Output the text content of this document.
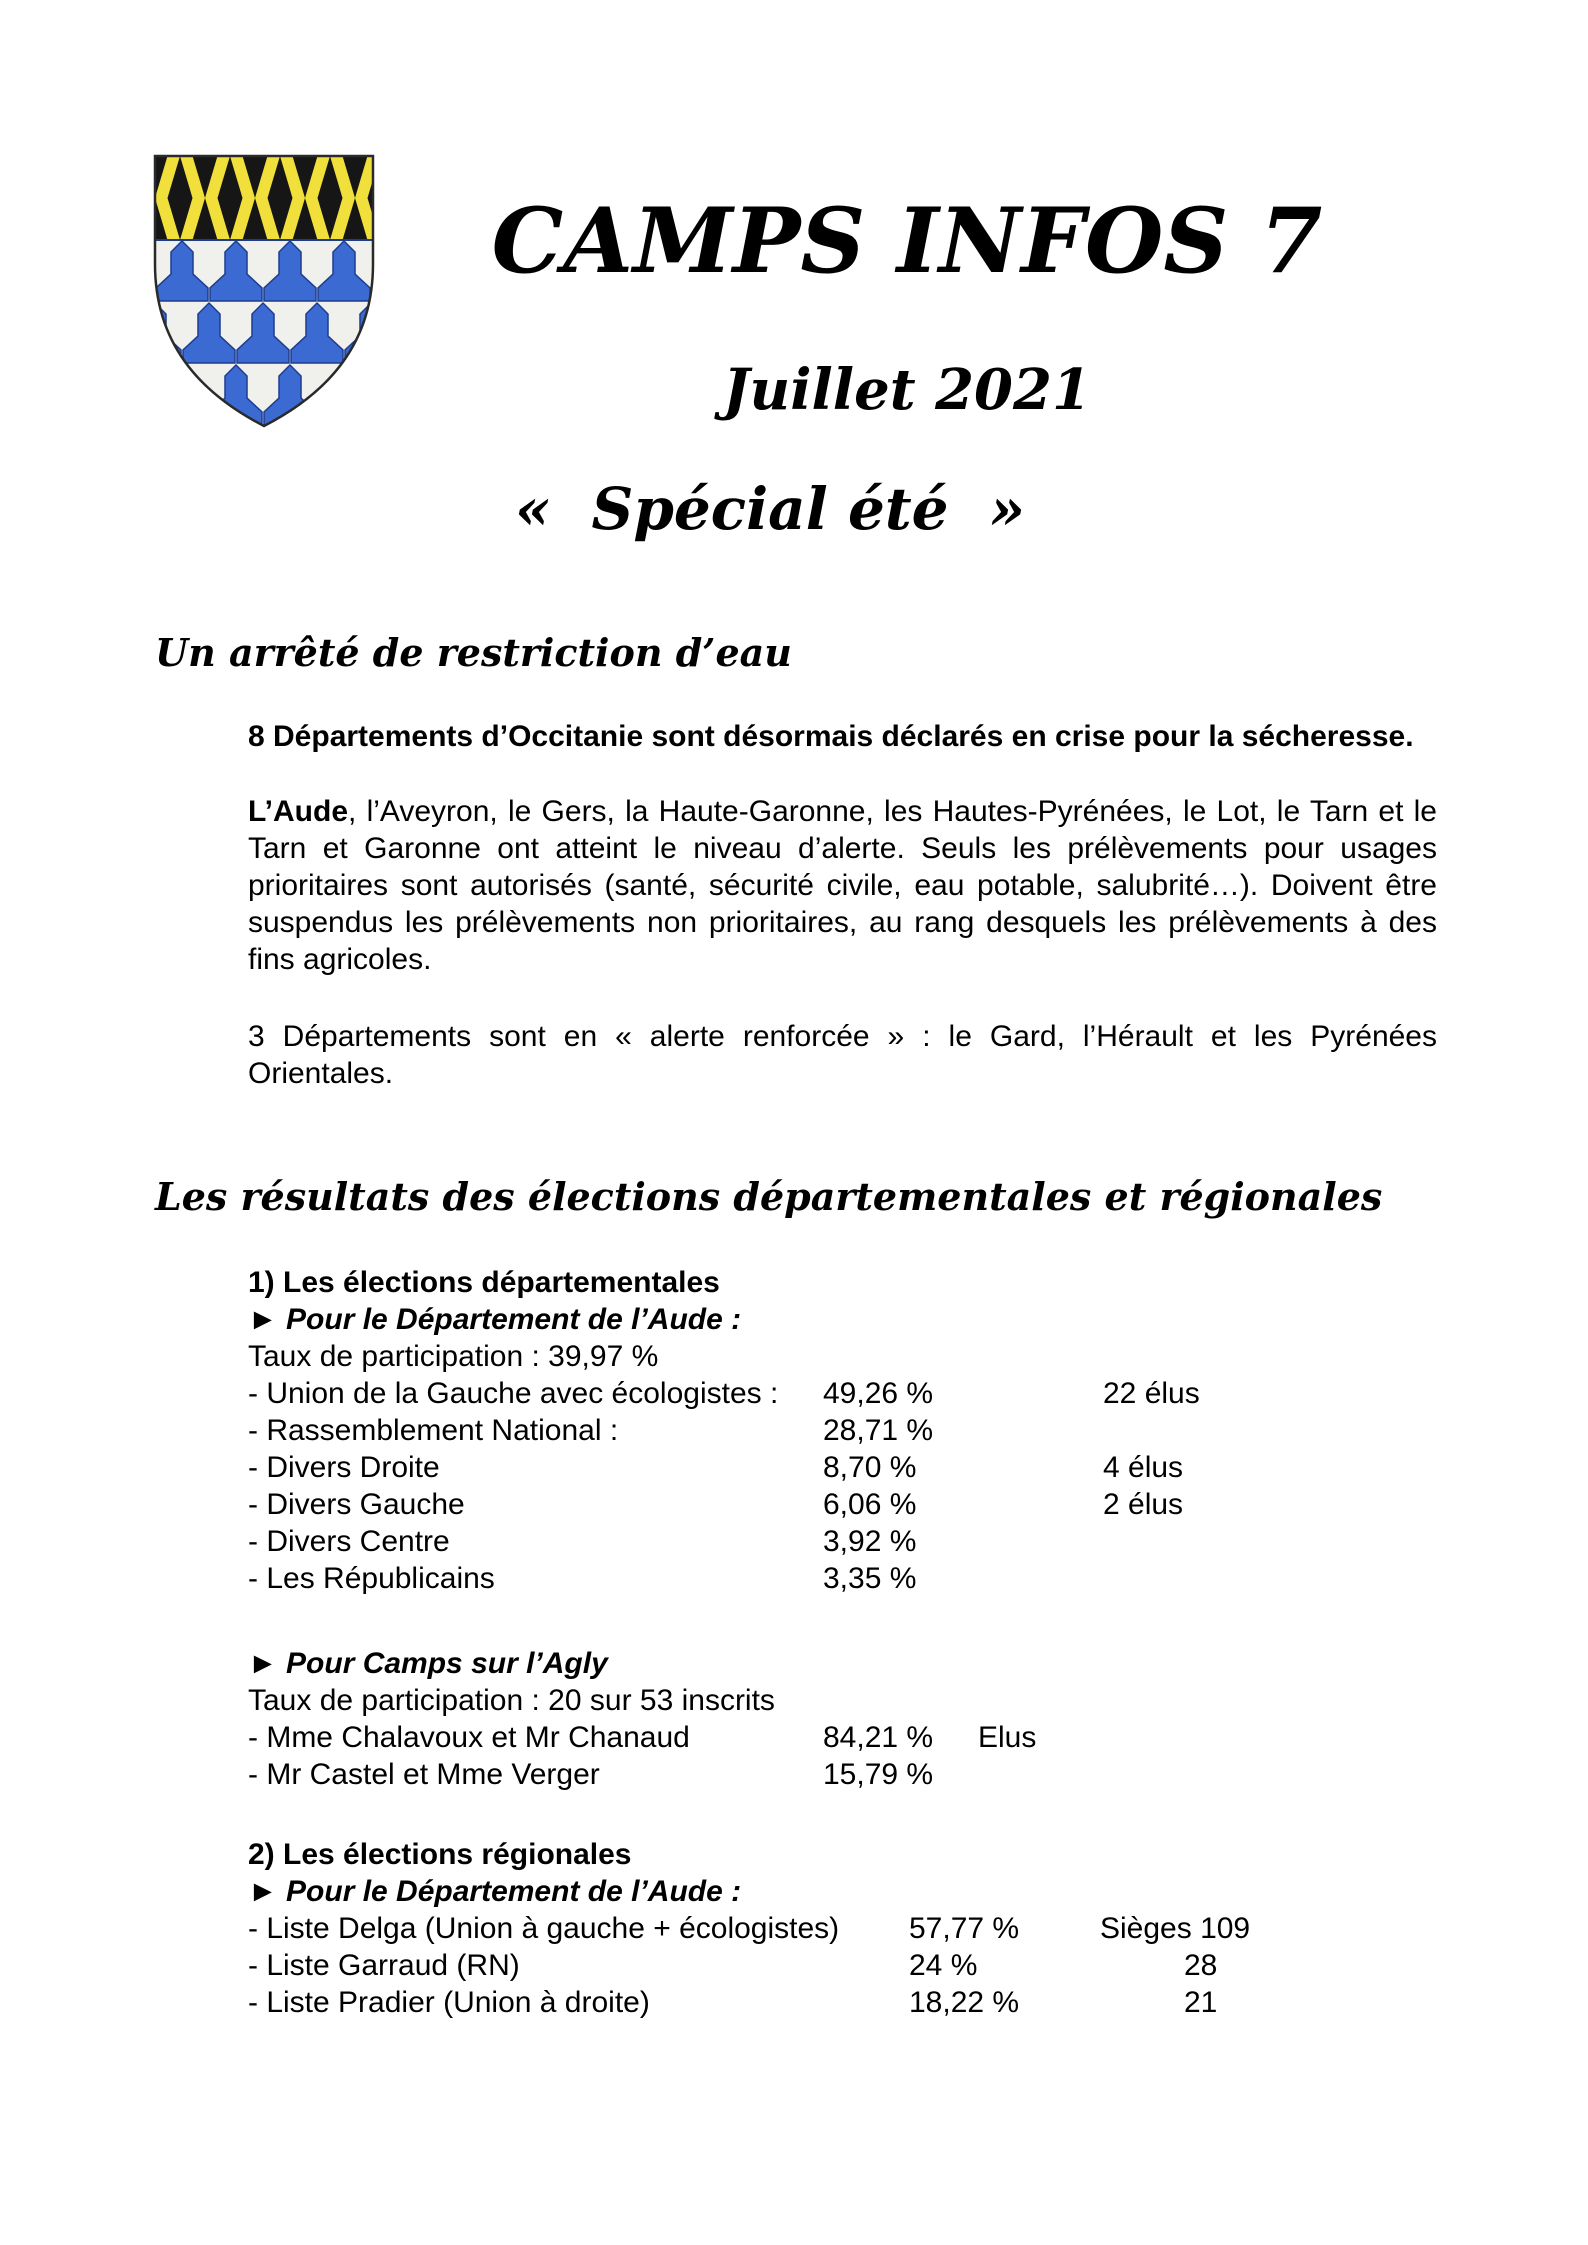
CAMPS INFOS 7
Juillet 2021
«  Spécial été  »
Un arrêté de restriction d’eau

8 Départements d’Occitanie sont désormais déclarés en crise pour la sécheresse.

L’Aude, l’Aveyron, le Gers, la Haute-Garonne, les Hautes-Pyrénées, le Lot, le Tarn et le Tarn et Garonne ont atteint le niveau d’alerte. Seuls les prélèvements pour usages prioritaires sont autorisés (santé, sécurité civile, eau potable, salubrité…). Doivent être suspendus les prélèvements non prioritaires, au rang desquels les prélèvements à des fins agricoles.

3 Départements sont en « alerte renforcée » : le Gard, l’Hérault et les Pyrénées Orientales.

Les résultats des élections départementales et régionales
1) Les élections départementales
► Pour le Département de l’Aude :
Taux de participation : 39,97 %
- Union de la Gauche avec écologistes :	49,26 %	22 élus
- Rassemblement National :	28,71 %
- Divers Droite	8,70 %	4 élus
- Divers Gauche	6,06 %	2 élus
- Divers Centre	3,92 %
- Les Républicains	3,35 %
► Pour Camps sur l’Agly
Taux de participation : 20 sur 53 inscrits
- Mme Chalavoux et Mr Chanaud	84,21 %	Elus
- Mr Castel et Mme Verger	15,79 %
2) Les élections régionales
► Pour le Département de l’Aude :
- Liste Delga (Union à gauche + écologistes)	57,77 %	Sièges 109
- Liste Garraud (RN)	24 %	28
- Liste Pradier (Union à droite)	18,22 %	21
